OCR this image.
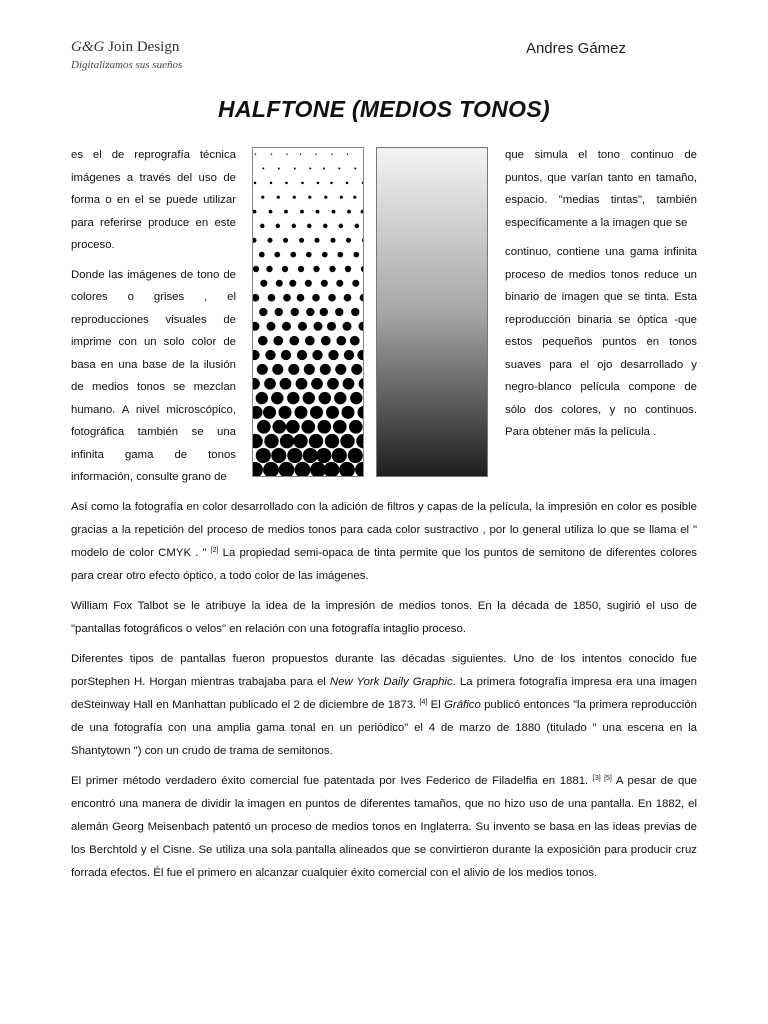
G&G Join Design
Digitalizamos sus sueños
Andres Gámez
HALFTONE (MEDIOS TONOS)

es el de reprografía técnica imágenes a través del uso de forma o en el se puede utilizar para referirse produce en este proceso.

Donde las imágenes de tono de colores o grises , el reproducciones visuales de imprime con un solo color de basa en una base de la ilusión de medios tonos se mezclan humano. A nivel microscópico, fotográfica también se una infinita gama de tonos información, consulte grano de

que simula el tono continuo de puntos, que varían tanto en tamaño, espacio. "medias tintas", también específicamente a la imagen que se

continuo, contiene una gama infinita proceso de medios tonos reduce un binario de imagen que se tinta. Esta reproducción binaria se óptica -que estos pequeños puntos en tonos suaves para el ojo desarrollado y negro-blanco película compone de sólo dos colores, y no continuos. Para obtener más la película .

Así como la fotografía en color desarrollado con la adición de filtros y capas de la película, la impresión en color es posible gracias a la repetición del proceso de medios tonos para cada color sustractivo , por lo general utiliza lo que se llama el " modelo de color CMYK . " [2] La propiedad semi-opaca de tinta permite que los puntos de semitono de diferentes colores para crear otro efecto óptico, a todo color de las imágenes.

William Fox Talbot se le atribuye la idea de la impresión de medios tonos. En la década de 1850, sugirió el uso de "pantallas fotográficos o velos" en relación con una fotografía intaglio proceso.

Diferentes tipos de pantallas fueron propuestos durante las décadas siguientes. Uno de los intentos conocido fue porStephen H. Horgan mientras trabajaba para el New York Daily Graphic. La primera fotografía impresa era una imagen deSteinway Hall en Manhattan publicado el 2 de diciembre de 1873. [4] El Gráfico publicó entonces "la primera reproducción de una fotografía con una amplia gama tonal en un periódico" el 4 de marzo de 1880 (titulado " una escena en la Shantytown ") con un crudo de trama de semitonos.

El primer método verdadero éxito comercial fue patentada por Ives Federico de Filadelfia en 1881. [3] [5] A pesar de que encontró una manera de dividir la imagen en puntos de diferentes tamaños, que no hizo uso de una pantalla. En 1882, el alemán Georg Meisenbach patentó un proceso de medios tonos en Inglaterra. Su invento se basa en las ideas previas de los Berchtold y el Cisne. Se utiliza una sola pantalla alineados que se convirtieron durante la exposición para producir cruz forrada efectos. Él fue el primero en alcanzar cualquier éxito comercial con el alivio de los medios tonos.
